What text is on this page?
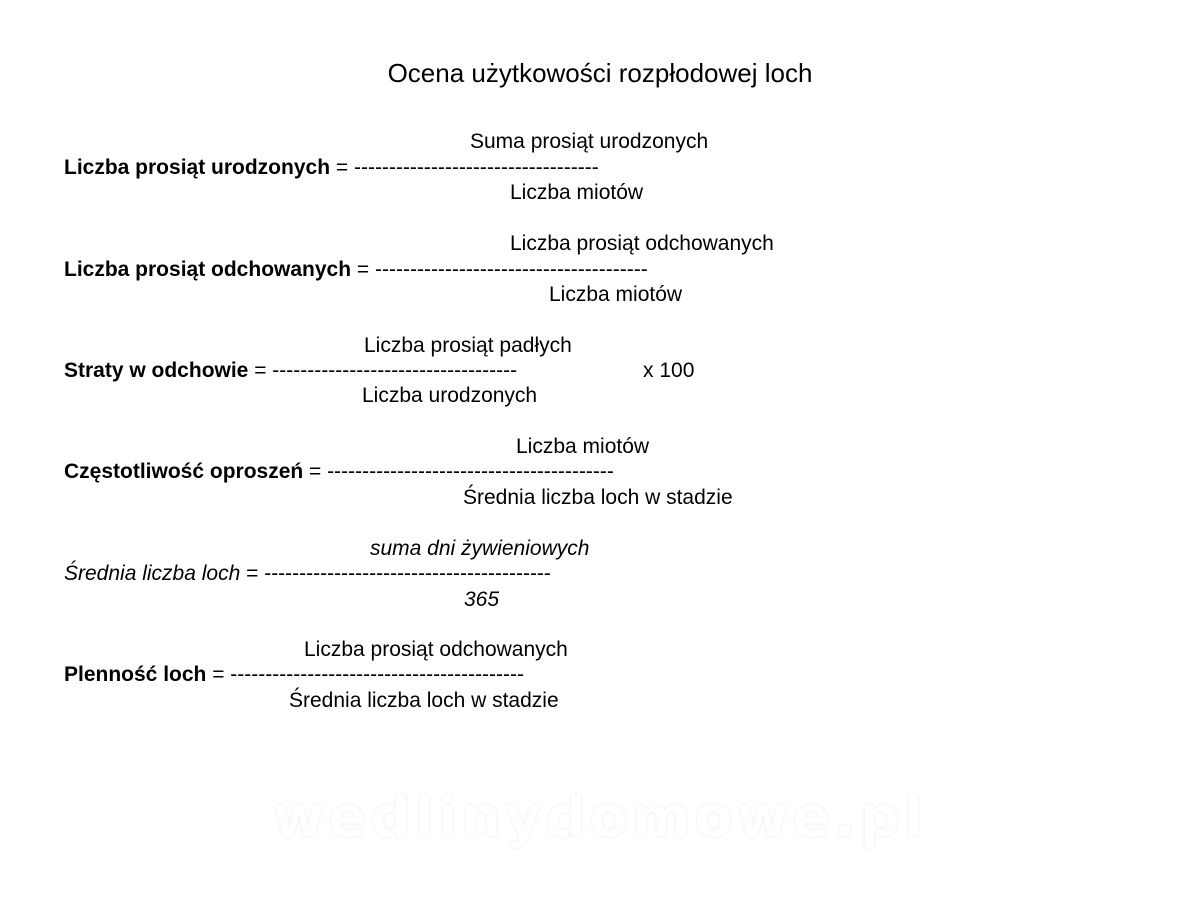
Ocena użytkowości rozpłodowej loch
Suma prosiąt urodzonych
Liczba prosiąt urodzonych = -----------------------------------
Liczba miotów
Liczba prosiąt odchowanych
Liczba prosiąt odchowanych = ---------------------------------------
Liczba miotów
Liczba prosiąt padłych
Straty w odchowie = -----------------------------------	x 100
Liczba urodzonych
Liczba miotów
Częstotliwość oproszeń = -----------------------------------------
Średnia liczba loch w stadzie
suma dni żywieniowych
Średnia liczba loch = -----------------------------------------
365
Liczba prosiąt odchowanych
Plenność loch = ------------------------------------------
Średnia liczba loch w stadzie
wedlinydomowe.pl
